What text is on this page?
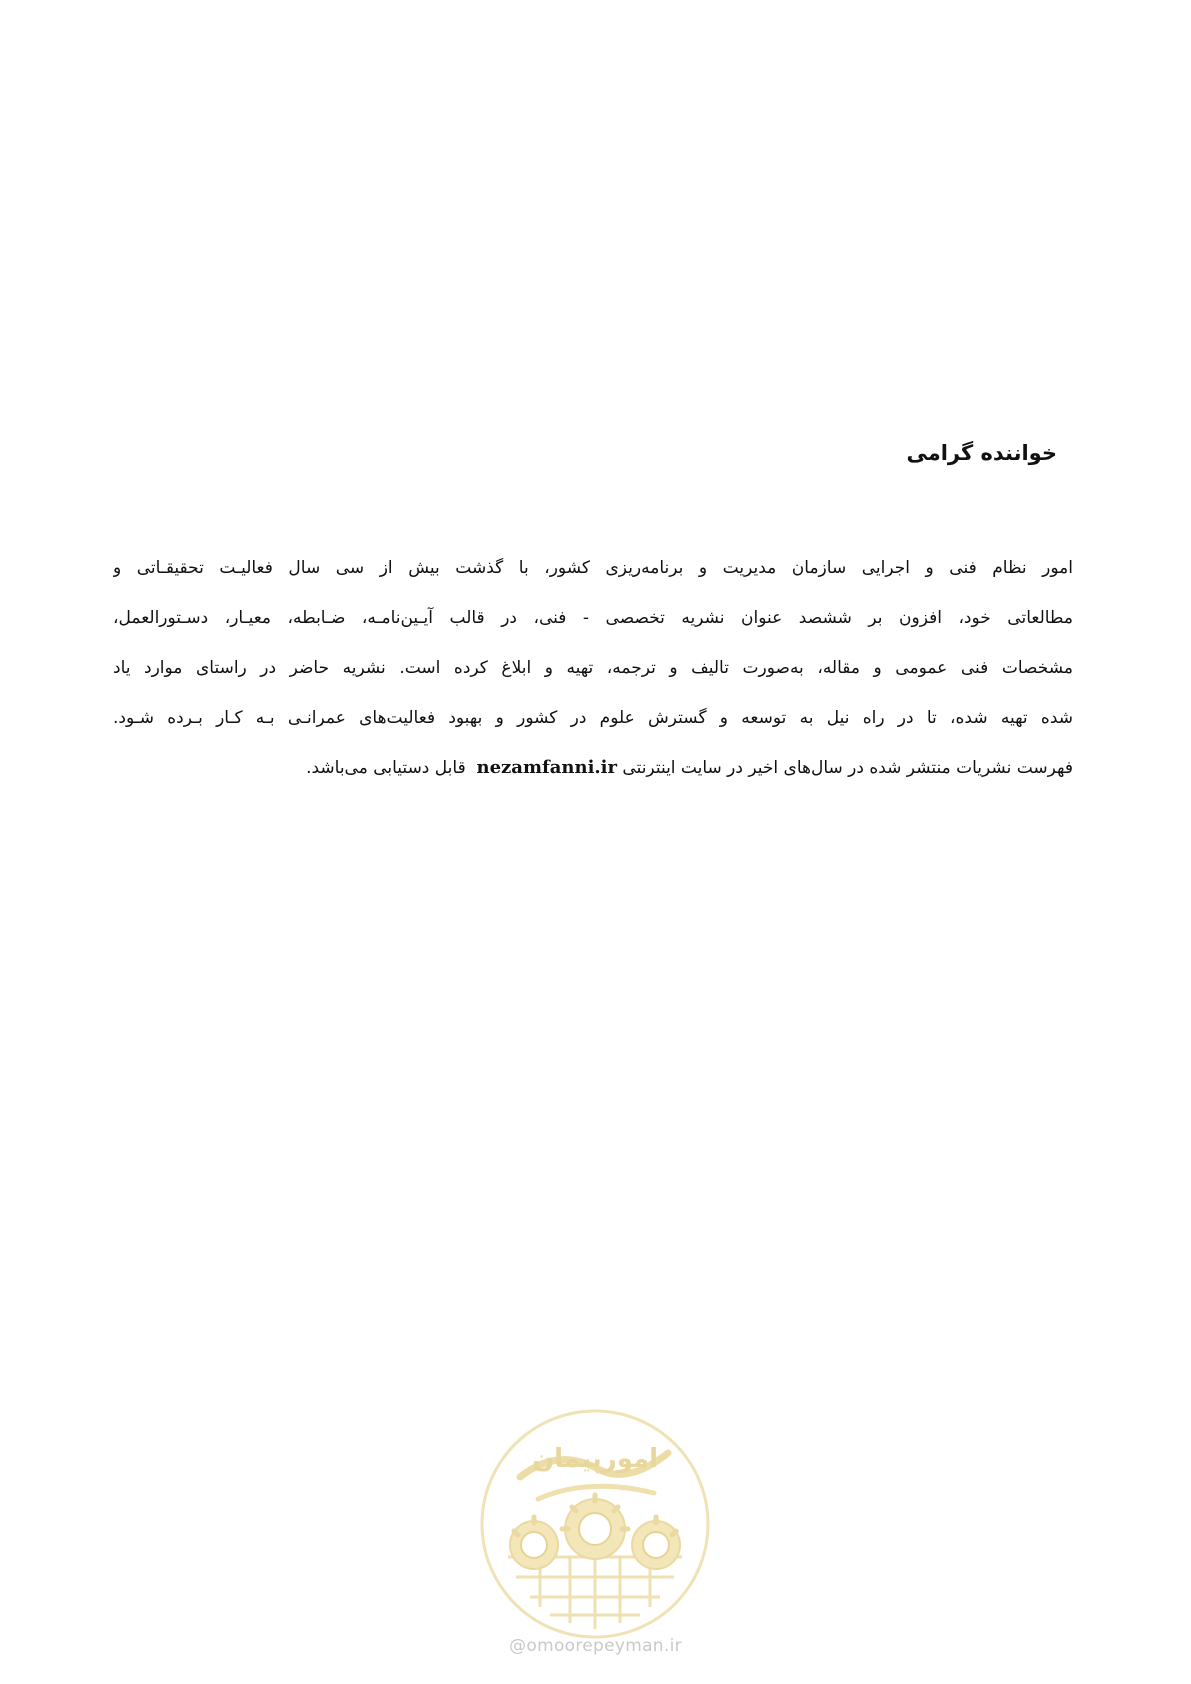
خواننده گرامی
امور نظام فنی و اجرایی سازمان مدیریت و برنامه‌ریزی کشور، با گذشت بیش از سی سال فعالیـت تحقیقـاتی و
مطالعاتی خود، افزون بر ششصد عنوان نشریه تخصصی - فنی، در قالب آیـین‌نامـه، ضـابطه، معیـار، دسـتورالعمل،
مشخصات فنی عمومی و مقاله، به‌صورت تالیف و ترجمه، تهیه و ابلاغ کرده است. نشریه حاضر در راستای موارد یاد
شده تهیه شده، تا در راه نیل به توسعه و گسترش علوم در کشور و بهبود فعالیت‌های عمرانـی بـه کـار بـرده شـود.
فهرست نشریات منتشر شده در سال‌های اخیر در سایت اینترنتی nezamfanni.ir  قابل دستیابی می‌باشد.
امورپیمان
@omoorepeyman.ir
